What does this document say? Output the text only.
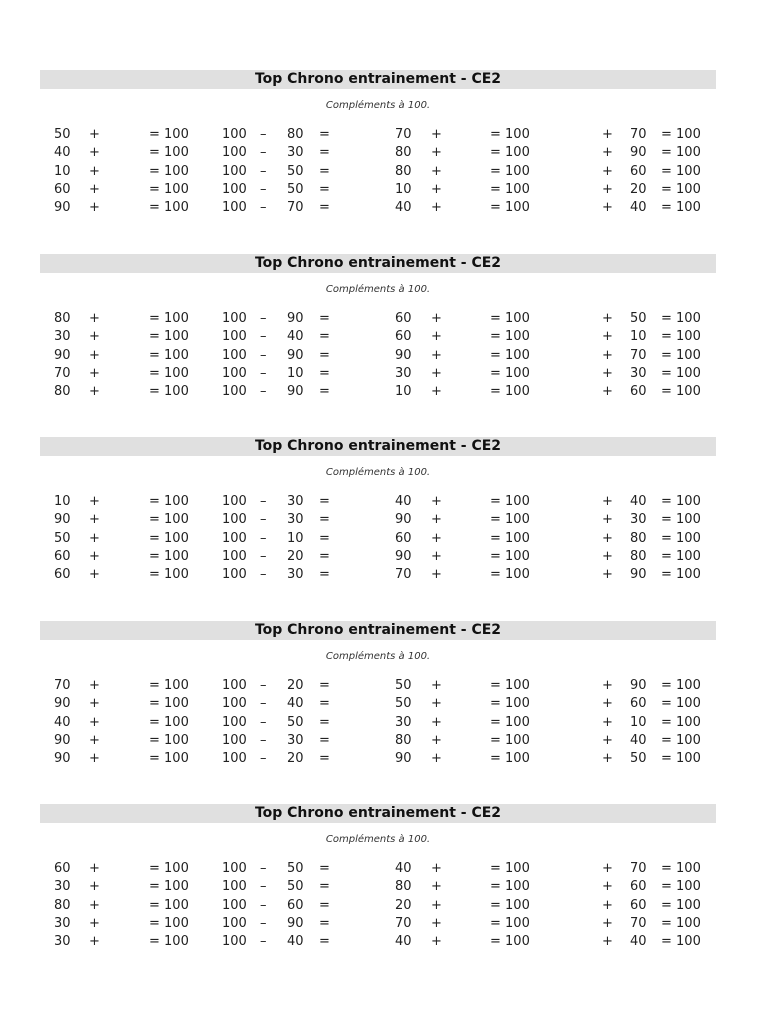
Top Chrono entrainement - CE2
Compléments à 100.
50 +	= 100	100 – 80 =	70 +	= 100	+ 70 = 100
40 +	= 100	100 – 30 =	80 +	= 100	+ 90 = 100
10 +	= 100	100 – 50 =	80 +	= 100	+ 60 = 100
60 +	= 100	100 – 50 =	10 +	= 100	+ 20 = 100
90 +	= 100	100 – 70 =	40 +	= 100	+ 40 = 100
Top Chrono entrainement - CE2
Compléments à 100.
80 +	= 100	100 – 90 =	60 +	= 100	+ 50 = 100
30 +	= 100	100 – 40 =	60 +	= 100	+ 10 = 100
90 +	= 100	100 – 90 =	90 +	= 100	+ 70 = 100
70 +	= 100	100 – 10 =	30 +	= 100	+ 30 = 100
80 +	= 100	100 – 90 =	10 +	= 100	+ 60 = 100
Top Chrono entrainement - CE2
Compléments à 100.
10 +	= 100	100 – 30 =	40 +	= 100	+ 40 = 100
90 +	= 100	100 – 30 =	90 +	= 100	+ 30 = 100
50 +	= 100	100 – 10 =	60 +	= 100	+ 80 = 100
60 +	= 100	100 – 20 =	90 +	= 100	+ 80 = 100
60 +	= 100	100 – 30 =	70 +	= 100	+ 90 = 100
Top Chrono entrainement - CE2
Compléments à 100.
70 +	= 100	100 – 20 =	50 +	= 100	+ 90 = 100
90 +	= 100	100 – 40 =	50 +	= 100	+ 60 = 100
40 +	= 100	100 – 50 =	30 +	= 100	+ 10 = 100
90 +	= 100	100 – 30 =	80 +	= 100	+ 40 = 100
90 +	= 100	100 – 20 =	90 +	= 100	+ 50 = 100
Top Chrono entrainement - CE2
Compléments à 100.
60 +	= 100	100 – 50 =	40 +	= 100	+ 70 = 100
30 +	= 100	100 – 50 =	80 +	= 100	+ 60 = 100
80 +	= 100	100 – 60 =	20 +	= 100	+ 60 = 100
30 +	= 100	100 – 90 =	70 +	= 100	+ 70 = 100
30 +	= 100	100 – 40 =	40 +	= 100	+ 40 = 100
